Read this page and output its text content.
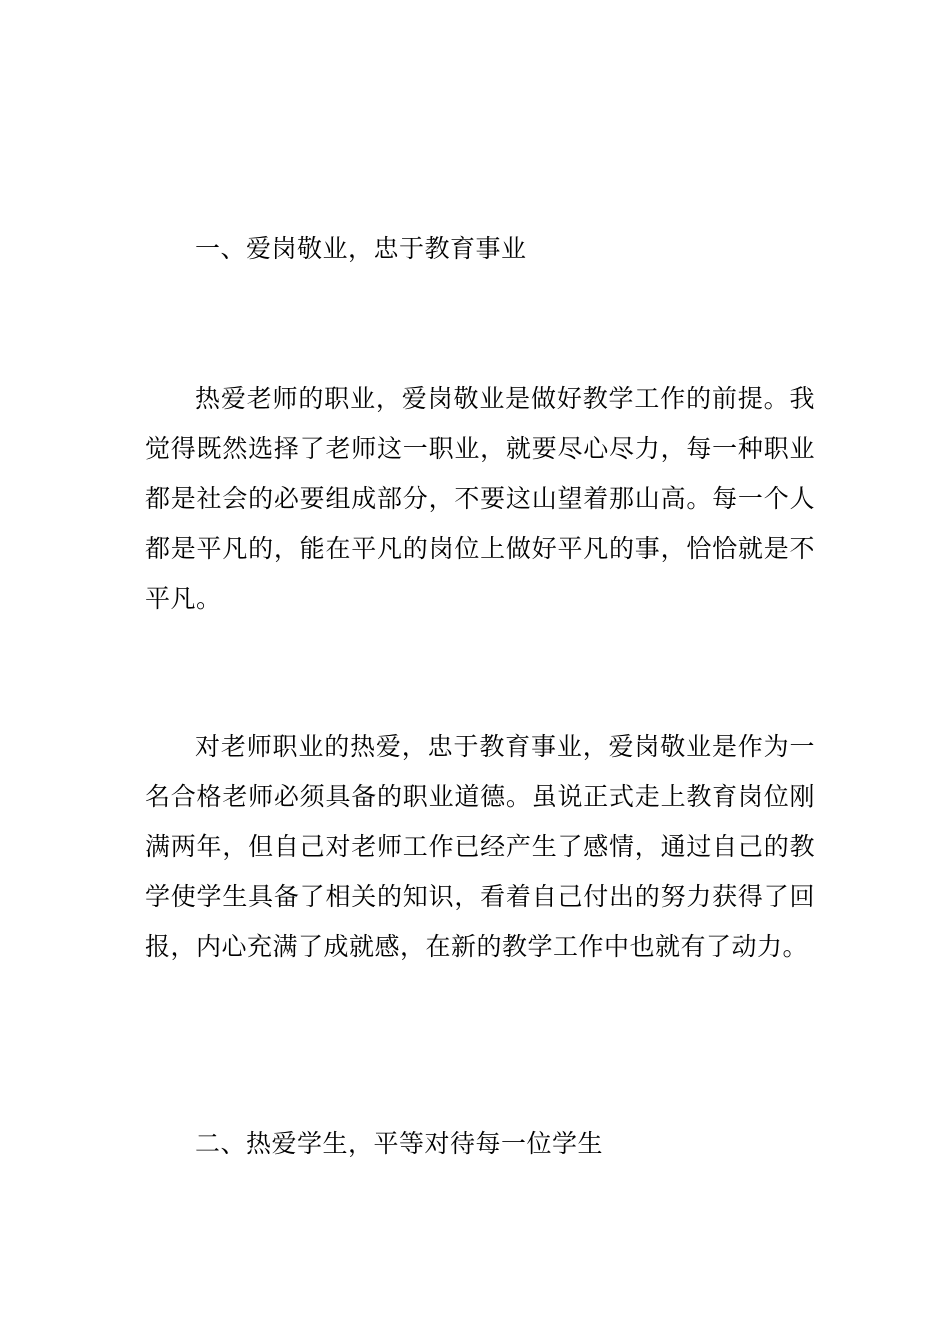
一、爱岗敬业，忠于教育事业

热爱老师的职业，爱岗敬业是做好教学工作的前提。我觉得既然选择了老师这一职业，就要尽心尽力，每一种职业都是社会的必要组成部分，不要这山望着那山高。每一个人都是平凡的，能在平凡的岗位上做好平凡的事，恰恰就是不平凡。

对老师职业的热爱，忠于教育事业，爱岗敬业是作为一名合格老师必须具备的职业道德。虽说正式走上教育岗位刚满两年，但自己对老师工作已经产生了感情，通过自己的教学使学生具备了相关的知识，看着自己付出的努力获得了回报，内心充满了成就感，在新的教学工作中也就有了动力。

二、热爱学生，平等对待每一位学生
